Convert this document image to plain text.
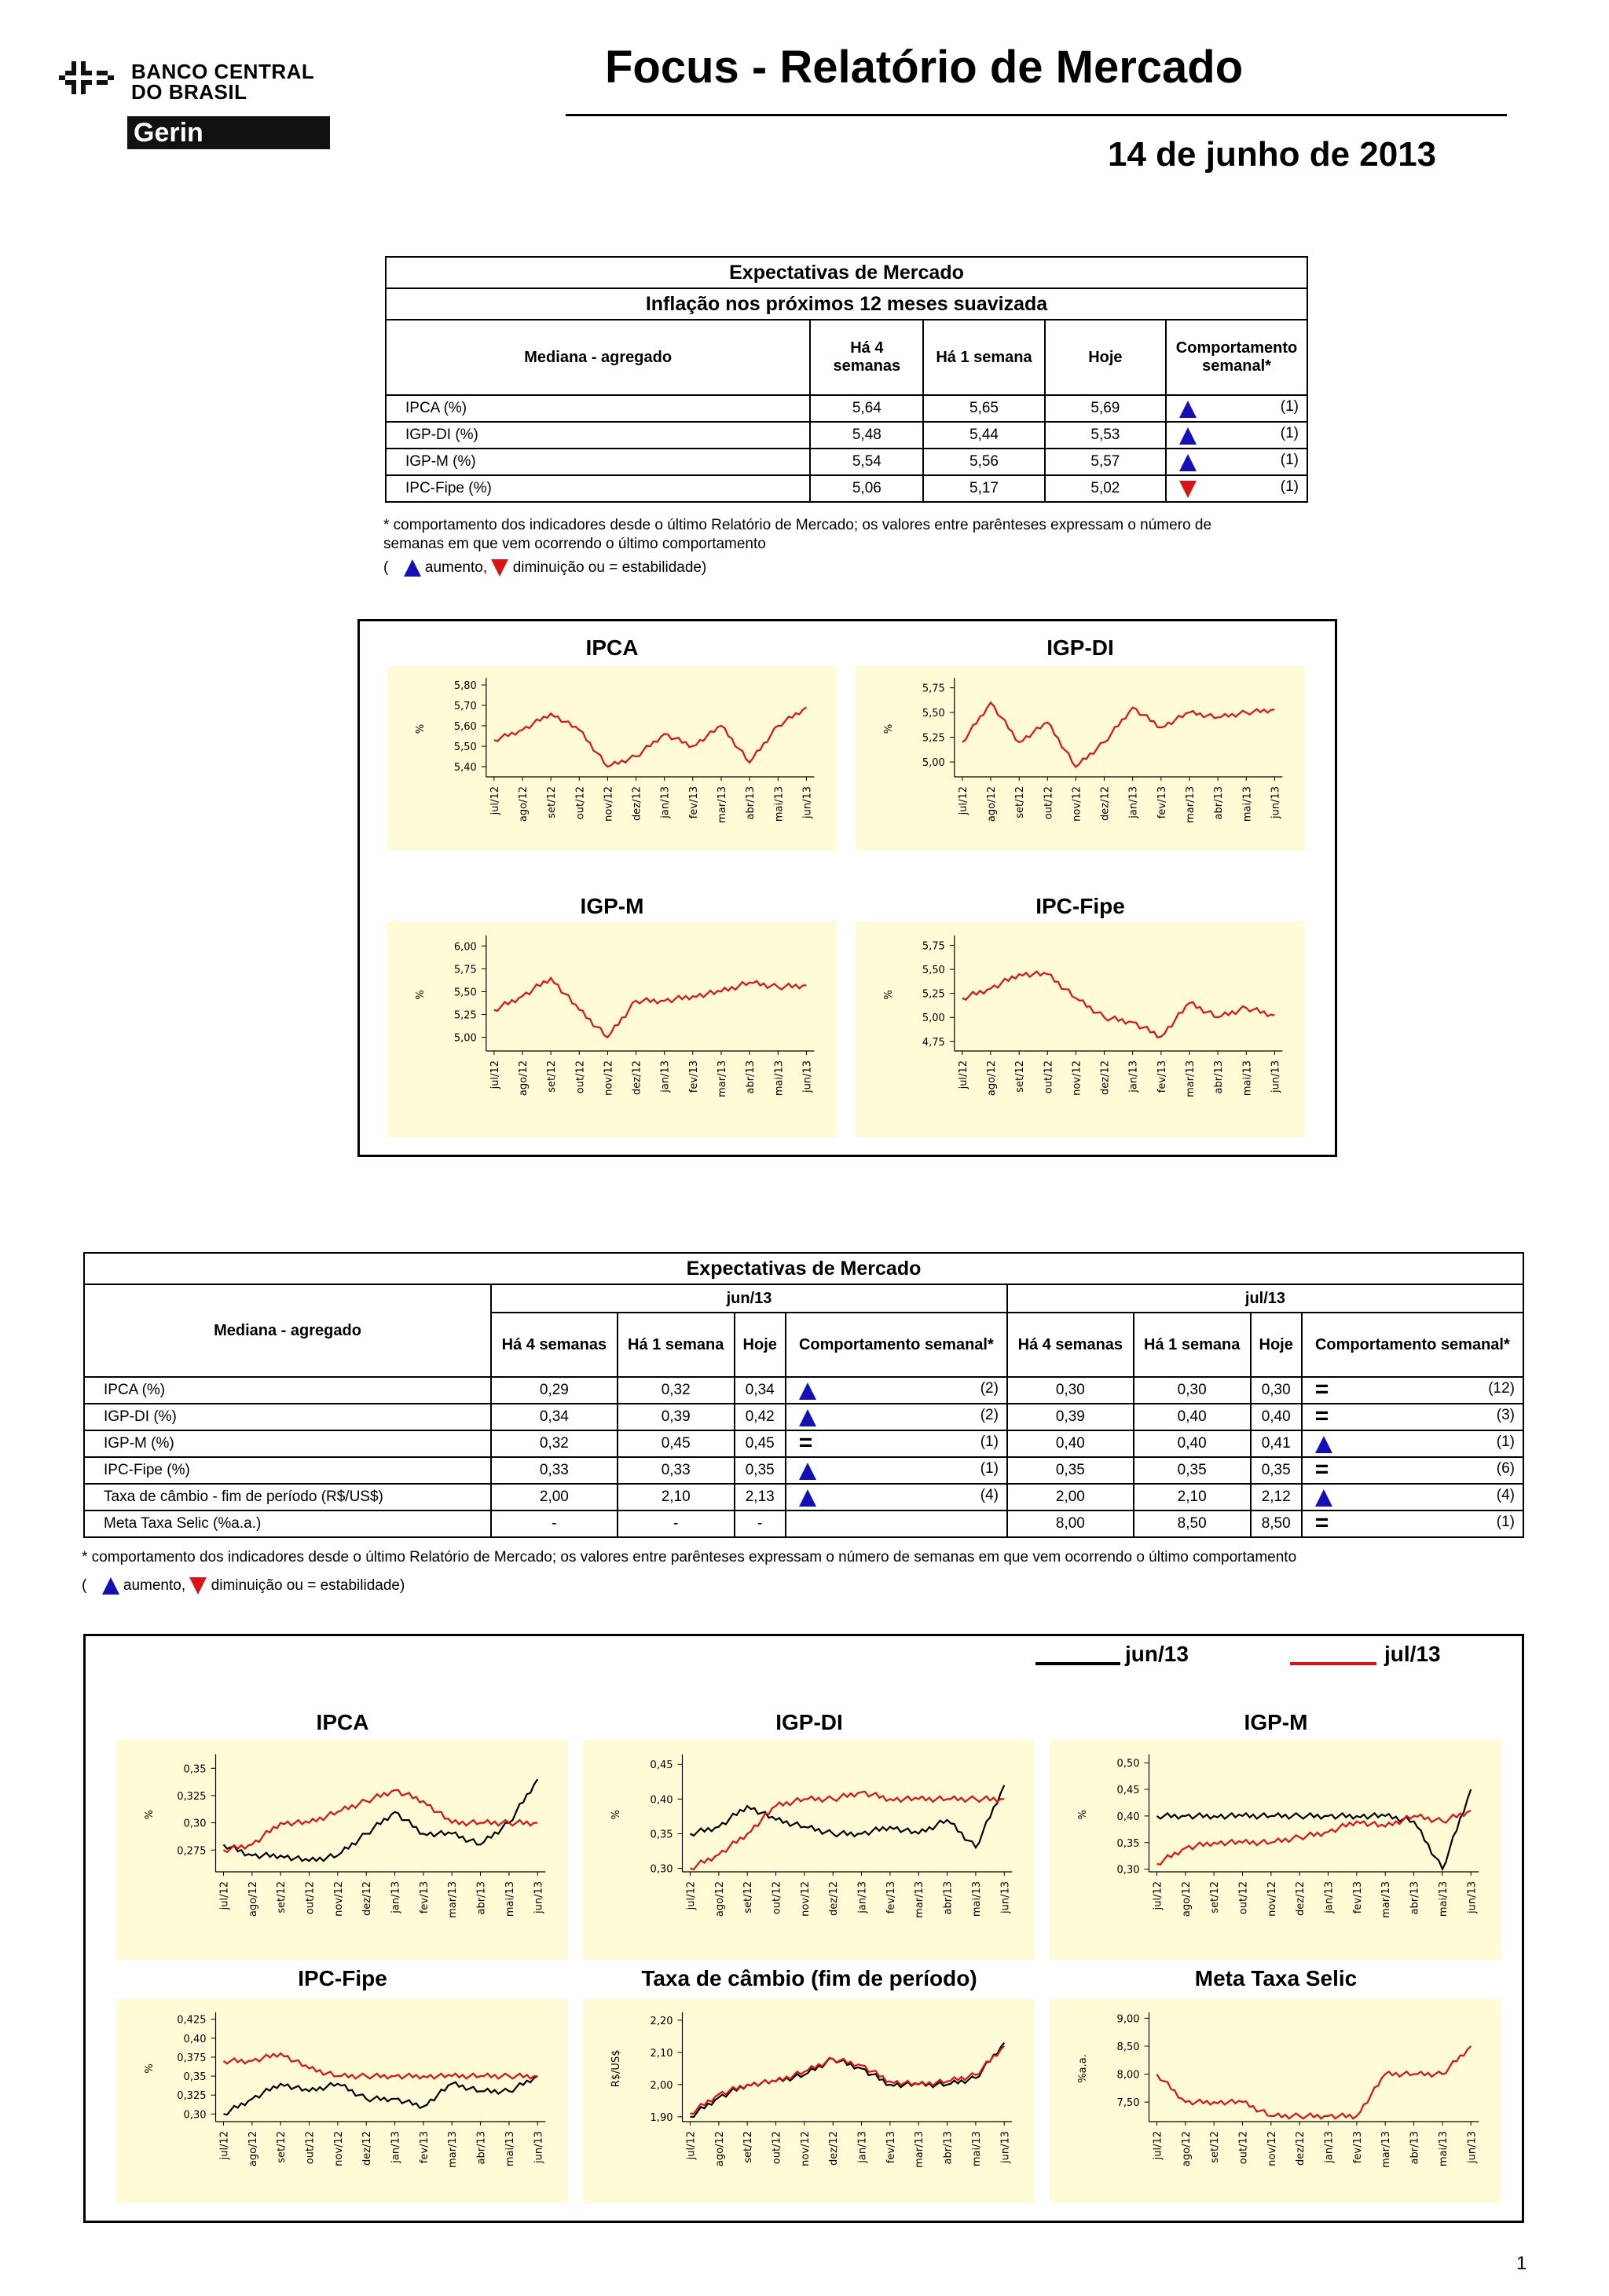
BANCO CENTRAL
DO BRASIL
Gerin
Focus - Relatório de Mercado
14 de junho de 2013
Expectativas de Mercado				
Inflação nos próximos 12 meses suavizada				
Mediana - agregado	Há 4 semanas	Há 1 semana	Hoje	Comportamento semanal*
IPCA (%)	5,64	5,65	5,69	(1)

IGP-DI (%)	5,48	5,44	5,53	(1)

IGP-M (%)	5,54	5,56	5,57	(1)

IPC-Fipe (%)	5,06	5,17	5,02	(1)
* comportamento dos indicadores desde o último Relatório de Mercado; os valores entre parênteses expressam o número de
semanas em que vem ocorrendo o último comportamento
( aumento, diminuição ou = estabilidade)
IPCA
5,80
5,70
5,60
5,50
5,40
%
jul/12 ago/12 set/12 out/12 nov/12 dez/12 jan/13 fev/13 mar/13 abr/13 mai/13 jun/13
IGP-DI
5,75
5,50
5,25
5,00
%
jul/12 ago/12 set/12 out/12 nov/12 dez/12 jan/13 fev/13 mar/13 abr/13 mai/13 jun/13
IGP-M
6,00
5,75
5,50
5,25
5,00
%
jul/12 ago/12 set/12 out/12 nov/12 dez/12 jan/13 fev/13 mar/13 abr/13 mai/13 jun/13
IPC-Fipe
5,75
5,50
5,25
5,00
4,75
%
jul/12 ago/12 set/12 out/12 nov/12 dez/12 jan/13 fev/13 mar/13 abr/13 mai/13 jun/13
Expectativas de Mercado								
Mediana - agregado	jun/13				jul/13			
	Há 4 semanas	Há 1 semana	Hoje	Comportamento semanal*	Há 4 semanas	Há 1 semana	Hoje	Comportamento semanal*
IPCA (%)	0,29	0,32	0,34	(2)	0,30	0,30	0,30	= (12)

IGP-DI (%)	0,34	0,39	0,42	(2)	0,39	0,40	0,40	= (3)

IGP-M (%)	0,32	0,45	0,45	= (1)	0,40	0,40	0,41	(1)

IPC-Fipe (%)	0,33	0,33	0,35	(1)	0,35	0,35	0,35	= (6)

Taxa de câmbio - fim de período (R$/US$)	2,00	2,10	2,13	(4)	2,00	2,10	2,12	(4)

Meta Taxa Selic (%a.a.)	-	-	-		8,00	8,50	8,50	= (1)
* comportamento dos indicadores desde o último Relatório de Mercado; os valores entre parênteses expressam o número de semanas em que vem ocorrendo o último comportamento
( aumento, diminuição ou = estabilidade)
jun/13	jul/13
IPCA
0,35
0,325
0,30
0,275
%
jul/12 ago/12 set/12 out/12 nov/12 dez/12 jan/13 fev/13 mar/13 abr/13 mai/13 jun/13
IGP-DI
0,45
0,40
0,35
0,30
%
jul/12 ago/12 set/12 out/12 nov/12 dez/12 jan/13 fev/13 mar/13 abr/13 mai/13 jun/13
IGP-M
0,50
0,45
0,40
0,35
0,30
%
jul/12 ago/12 set/12 out/12 nov/12 dez/12 jan/13 fev/13 mar/13 abr/13 mai/13 jun/13
IPC-Fipe
0,425
0,40
0,375
0,35
0,325
0,30
%
jul/12 ago/12 set/12 out/12 nov/12 dez/12 jan/13 fev/13 mar/13 abr/13 mai/13 jun/13
Taxa de câmbio (fim de período)
2,20
2,10
2,00
1,90
R$/US$
jul/12 ago/12 set/12 out/12 nov/12 dez/12 jan/13 fev/13 mar/13 abr/13 mai/13 jun/13
Meta Taxa Selic
9,00
8,50
8,00
7,50
%a.a.
jul/12 ago/12 set/12 out/12 nov/12 dez/12 jan/13 fev/13 mar/13 abr/13 mai/13 jun/13
1
